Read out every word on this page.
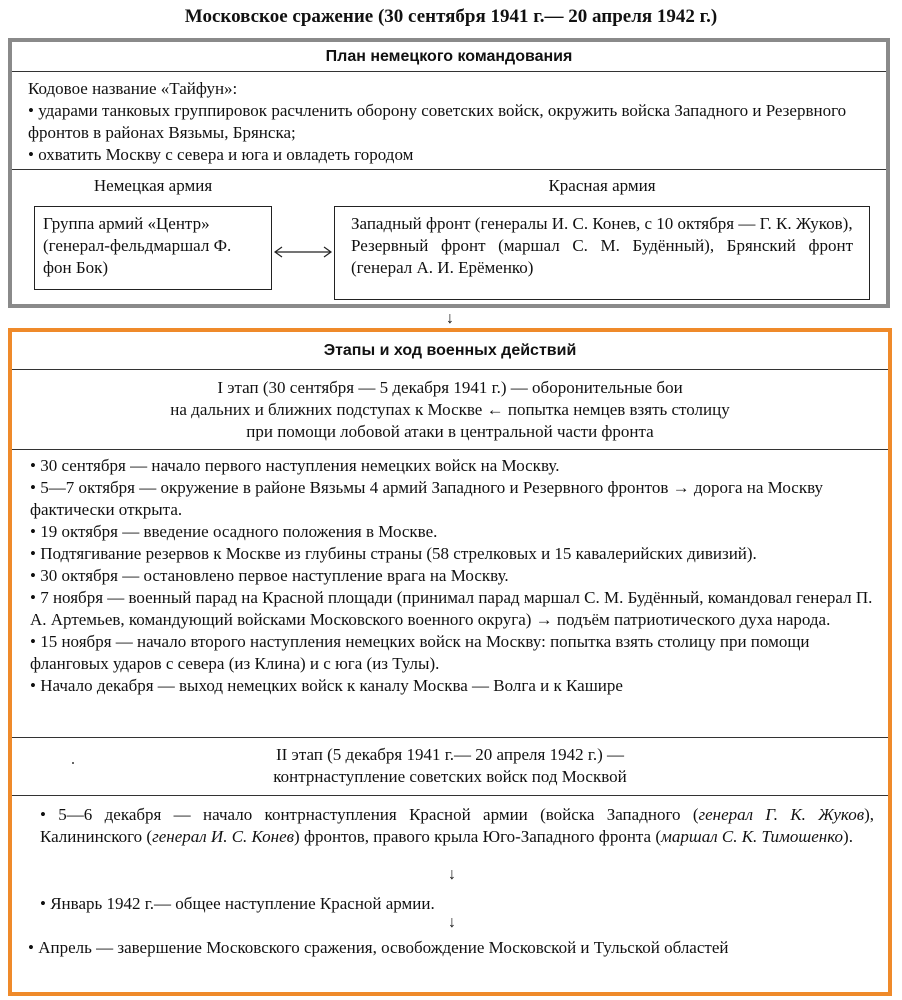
Московское сражение (30 сентября 1941 г.— 20 апреля 1942 г.)
План немецкого командования

Кодовое название «Тайфун»:

• ударами танковых группировок расчленить оборону советских войск, окружить войска Западного и Резервного фронтов в районах Вязьмы, Брянска;

• охватить Москву с севера и юга и овладеть городом

Немецкая армия	Красная армия
Группа армий «Центр» (генерал-фельдмаршал Ф. фон Бок)

Западный фронт (генералы И. С. Конев, с 10 октября — Г. К. Жуков),

Резервный фронт (маршал С. М. Будённый), Брянский фронт (генерал А. И. Ерёменко)

↓
Этапы и ход военных действий

I этап (30 сентября — 5 декабря 1941 г.) — оборонительные бои

на дальних и ближних подступах к Москве ← попытка немцев взять столицу

при помощи лобовой атаки в центральной части фронта

• 30 сентября — начало первого наступления немецких войск на Москву.

• 5—7 октября — окружение в районе Вязьмы 4 армий Западного и Резервного фронтов → дорога на Москву фактически открыта.

• 19 октября — введение осадного положения в Москве.

• Подтягивание резервов к Москве из глубины страны (58 стрелковых и 15 кавалерийских дивизий).

• 30 октября — остановлено первое наступление врага на Москву.

• 7 ноября — военный парад на Красной площади (принимал парад маршал С. М. Будённый, командовал генерал П. А. Артемьев, командующий войсками Московского военного округа) → подъём патриотического духа народа.

• 15 ноября — начало второго наступления немецких войск на Москву: попытка взять столицу при помощи фланговых ударов с севера (из Клина) и с юга (из Тулы).

• Начало декабря — выход немецких войск к каналу Москва — Волга и к Кашире

II этап (5 декабря 1941 г.— 20 апреля 1942 г.) —

контрнаступление советских войск под Москвой

• 5—6 декабря — начало контрнаступления Красной армии (войска Западного (генерал Г. К. Жуков), Калининского (генерал И. С. Конев) фронтов, правого крыла Юго-Западного фронта (маршал С. К. Тимошенко).
↓
• Январь 1942 г.— общее наступление Красной армии.
↓
• Апрель — завершение Московского сражения, освобождение Московской и Тульской областей
